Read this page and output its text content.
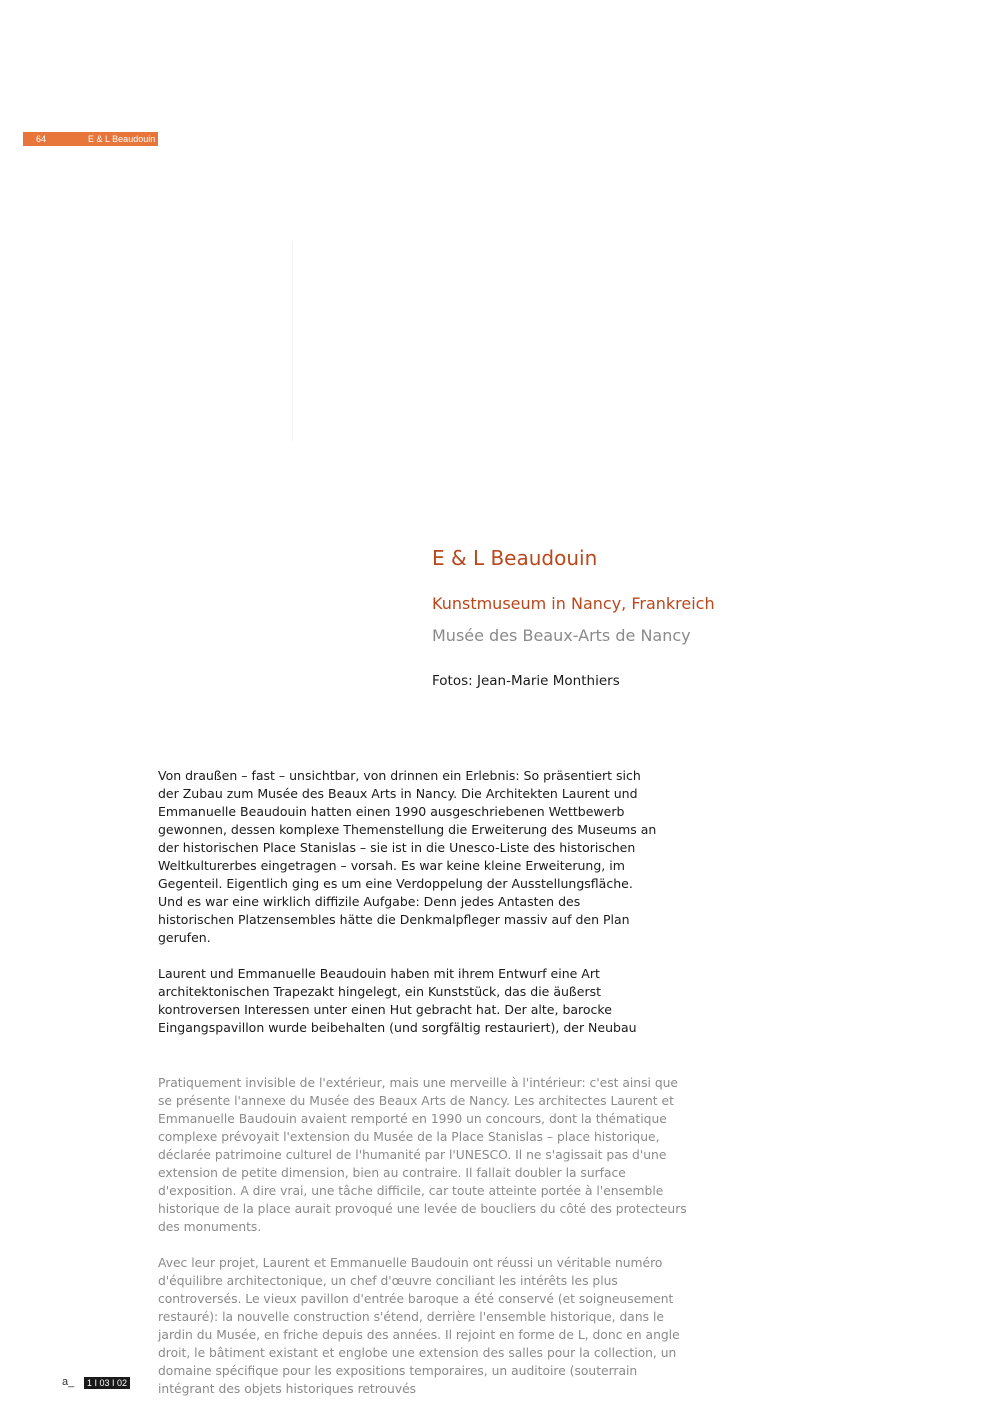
64	E & L Beaudouin
E & L Beaudouin
Kunstmuseum in Nancy, Frankreich
Musée des Beaux-Arts de Nancy
Fotos: Jean-Marie Monthiers

Von draußen – fast – unsichtbar, von drinnen ein Erlebnis: So präsentiert sich der Zubau zum Musée des Beaux Arts in Nancy. Die Architekten Laurent und Emmanuelle Beaudouin hatten einen 1990 ausgeschriebenen Wettbewerb gewonnen, dessen komplexe Themenstellung die Erweiterung des Museums an der historischen Place Stanislas – sie ist in die Unesco-Liste des historischen Weltkulturerbes eingetragen – vorsah. Es war keine kleine Erweiterung, im Gegenteil. Eigentlich ging es um eine Verdoppelung der Ausstellungsfläche. Und es war eine wirklich diffizile Aufgabe: Denn jedes Antasten des historischen Platzensembles hätte die Denkmalpfleger massiv auf den Plan gerufen.

Laurent und Emmanuelle Beaudouin haben mit ihrem Entwurf eine Art architektonischen Trapezakt hingelegt, ein Kunststück, das die äußerst kontroversen Interessen unter einen Hut gebracht hat. Der alte, barocke Eingangspavillon wurde beibehalten (und sorgfältig restauriert), der Neubau

Pratiquement invisible de l'extérieur, mais une merveille à l'intérieur: c'est ainsi que se présente l'annexe du Musée des Beaux Arts de Nancy. Les architectes Laurent et Emmanuelle Baudouin avaient remporté en 1990 un concours, dont la thématique complexe prévoyait l'extension du Musée de la Place Stanislas – place historique, déclarée patrimoine culturel de l'humanité par l'UNESCO. Il ne s'agissait pas d'une extension de petite dimension, bien au contraire. Il fallait doubler la surface d'exposition. A dire vrai, une tâche difficile, car toute atteinte portée à l'ensemble historique de la place aurait provoqué une levée de boucliers du côté des protecteurs des monuments.

Avec leur projet, Laurent et Emmanuelle Baudouin ont réussi un véritable numéro d'équilibre architectonique, un chef d'œuvre conciliant les intérêts les plus controversés. Le vieux pavillon d'entrée baroque a été conservé (et soigneusement restauré): la nouvelle construction s'étend, derrière l'ensemble historique, dans le jardin du Musée, en friche depuis des années. Il rejoint en forme de L, donc en angle droit, le bâtiment existant et englobe une extension des salles pour la collection, un domaine spécifique pour les expositions temporaires, un auditoire (souterrain intégrant des objets historiques retrouvés

a_	1 I 03 I 02
